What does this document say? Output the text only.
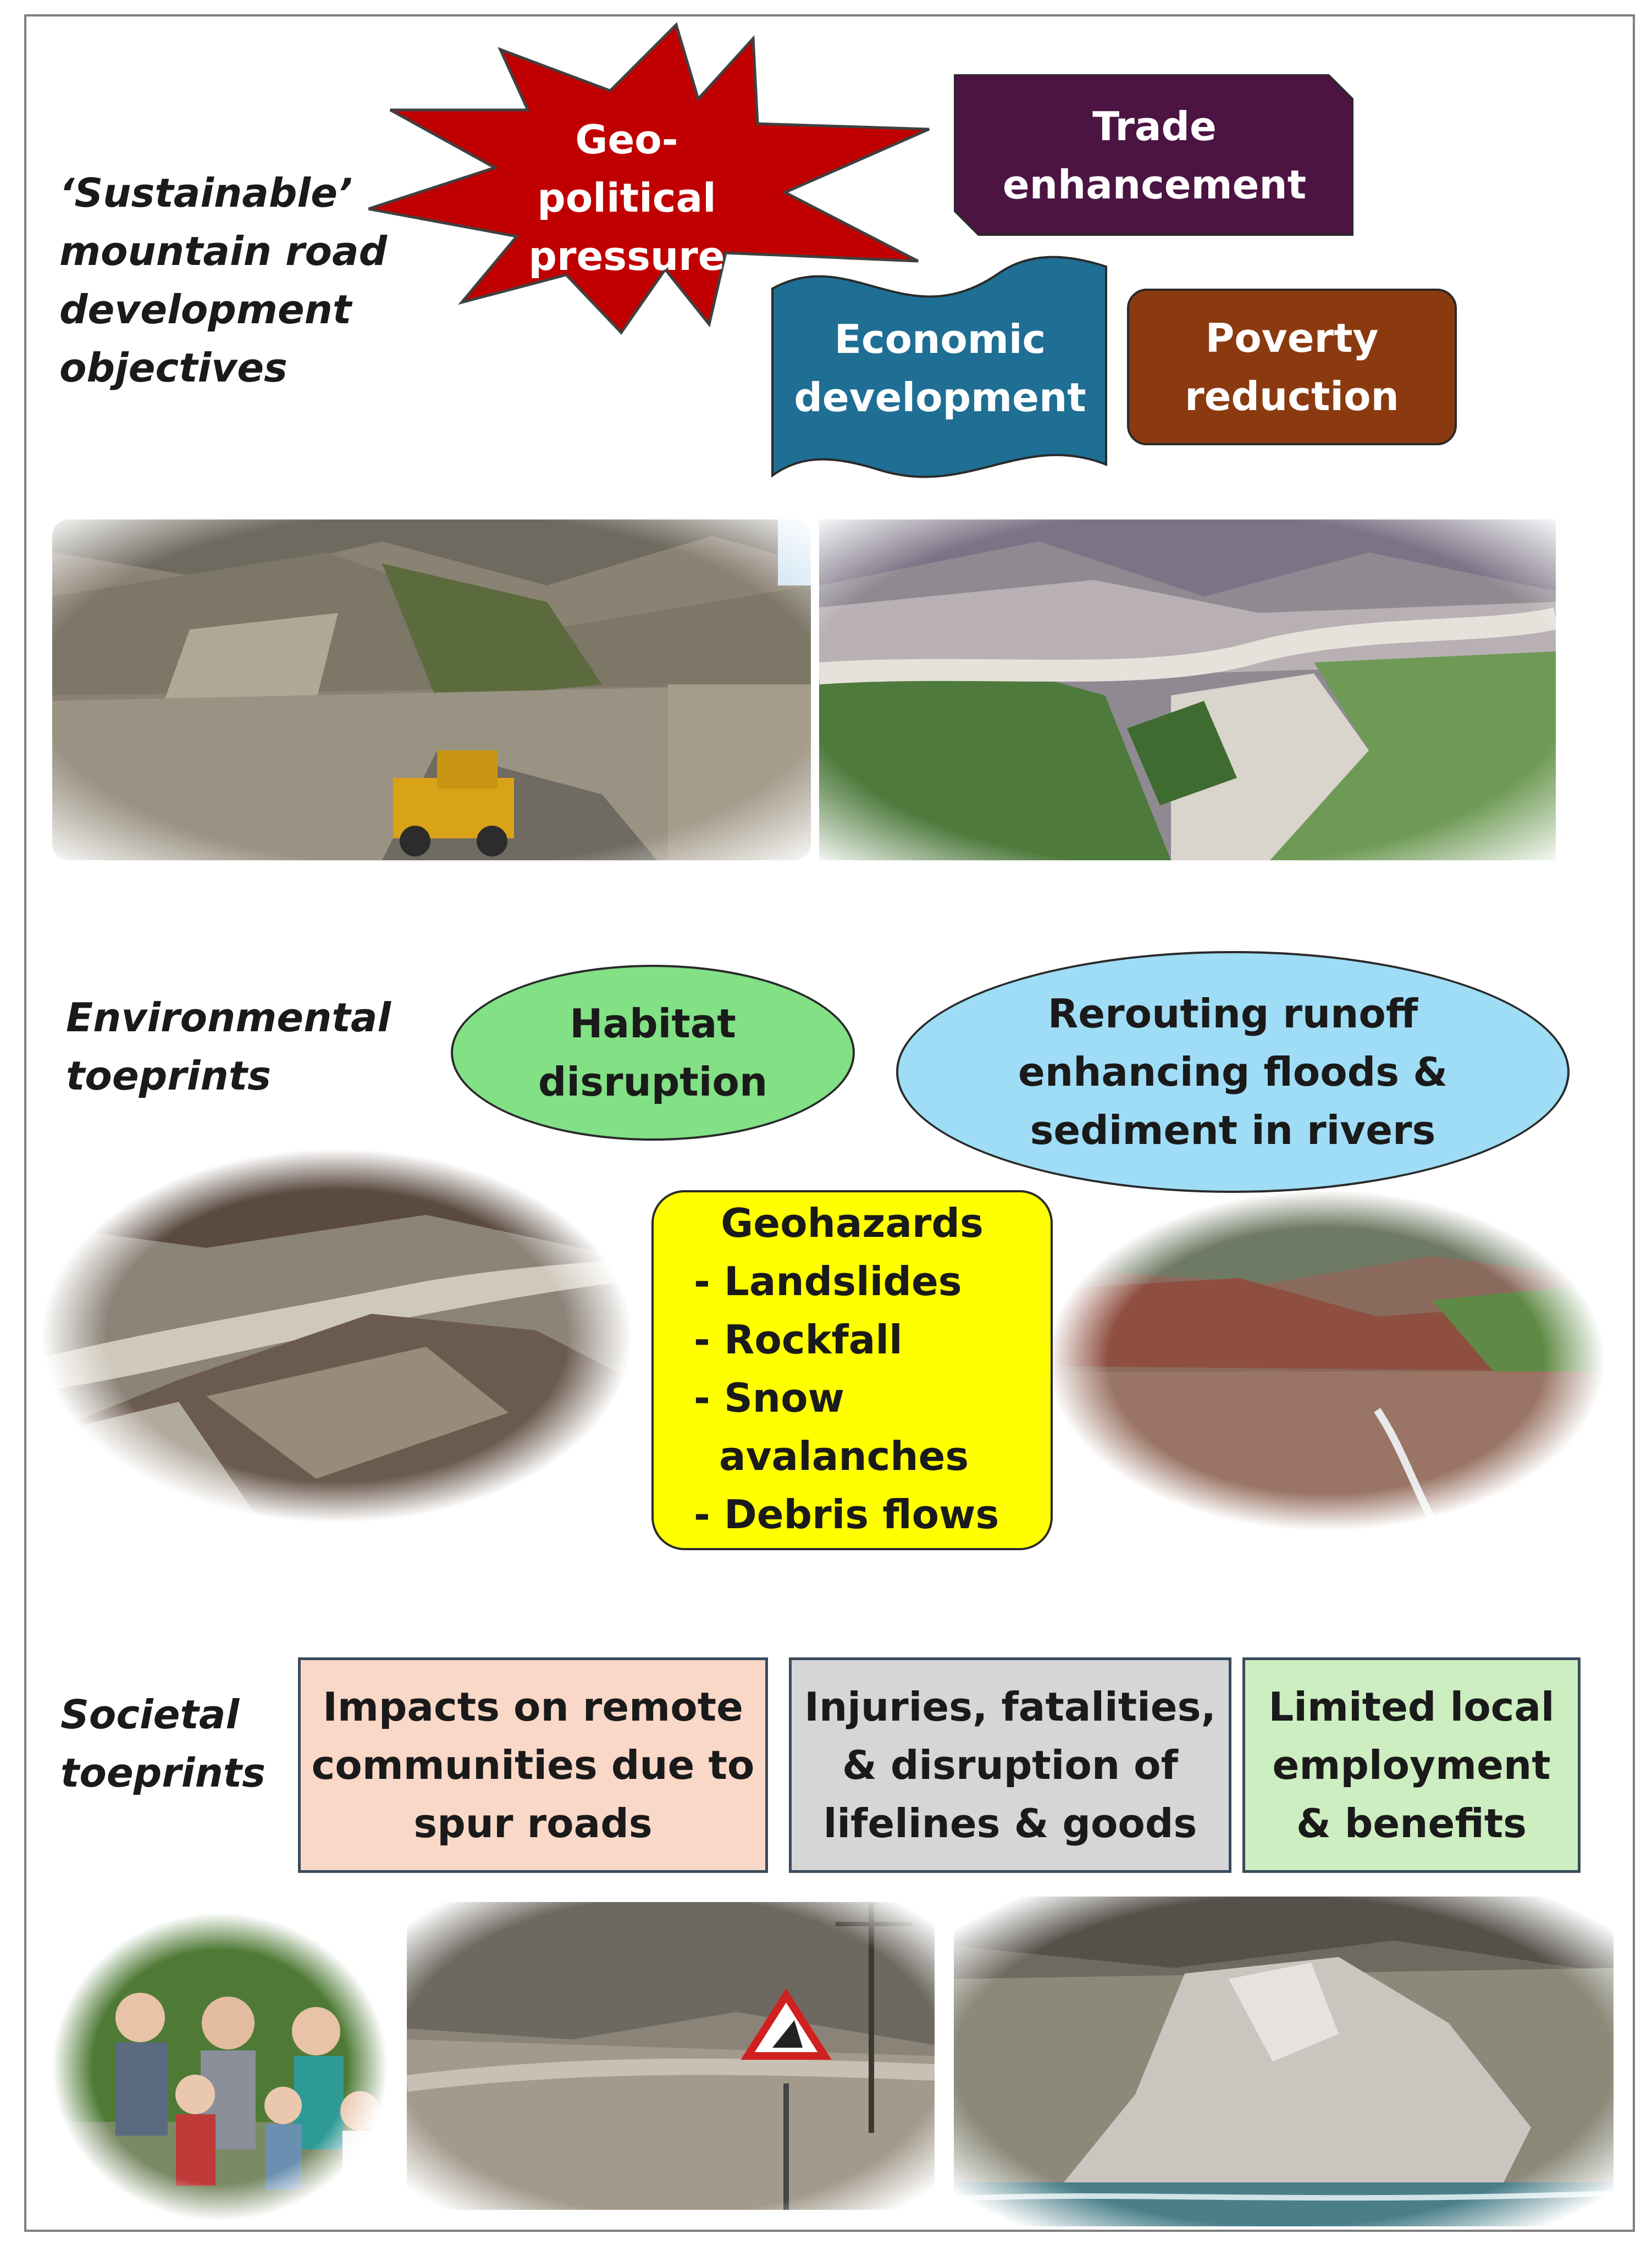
‘Sustainable’
mountain road
development
objectives
Environmental
toeprints
Societal
toeprints
Geo-
political
pressure
Trade
enhancement
Economic
development
Poverty
reduction
Habitat
disruption
Rerouting runoff
enhancing floods &
sediment in rivers
Geohazards
- Landslides
- Rockfall
- Snow
avalanches
- Debris flows
Impacts on remote
communities due to
spur roads
Injuries, fatalities,
& disruption of
lifelines & goods
Limited local
employment
& benefits
